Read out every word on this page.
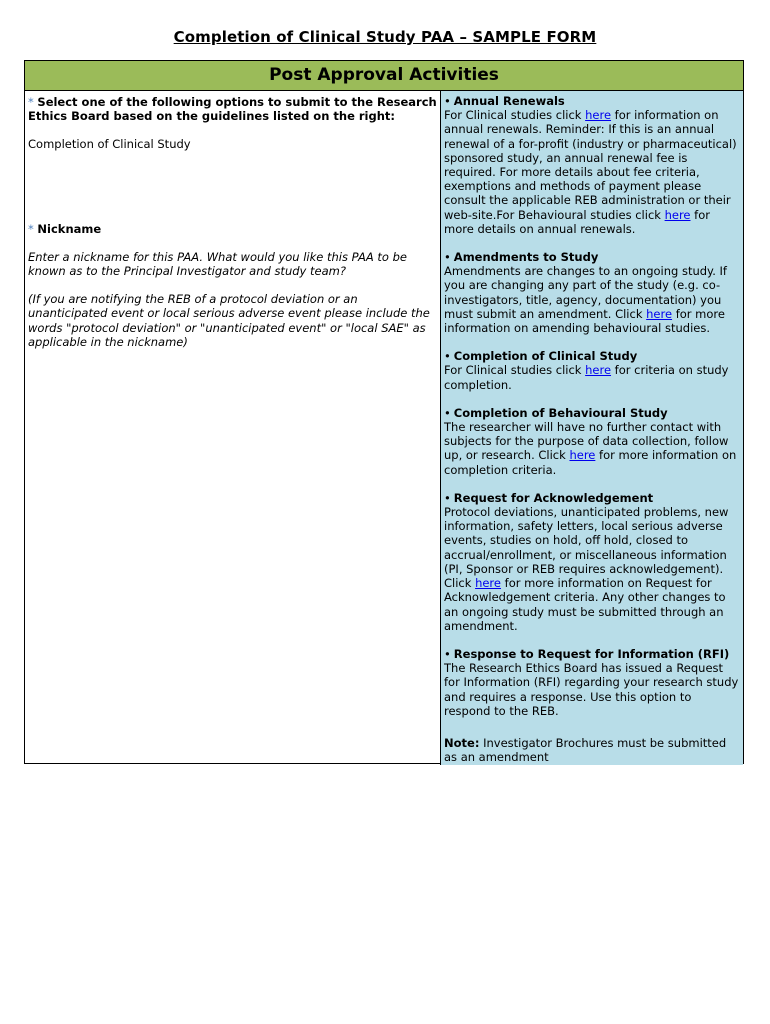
Completion of Clinical Study PAA – SAMPLE FORM
Post Approval Activities
* Select one of the following options to submit to the Research Ethics Board based on the guidelines listed on the right:
Completion of Clinical Study
* Nickname
Enter a nickname for this PAA. What would you like this PAA to be known as to the Principal Investigator and study team?
(If you are notifying the REB of a protocol deviation or an unanticipated event or local serious adverse event please include the words "protocol deviation" or "unanticipated event" or "local SAE" as applicable in the nickname)
• Annual Renewals
For Clinical studies click here for information on annual renewals. Reminder: If this is an annual renewal of a for-profit (industry or pharmaceutical) sponsored study, an annual renewal fee is required. For more details about fee criteria, exemptions and methods of payment please consult the applicable REB administration or their web-site.For Behavioural studies click here for more details on annual renewals.
• Amendments to Study
Amendments are changes to an ongoing study. If you are changing any part of the study (e.g. co-investigators, title, agency, documentation) you must submit an amendment. Click here for more information on amending behavioural studies.
• Completion of Clinical Study
For Clinical studies click here for criteria on study completion.
• Completion of Behavioural Study
The researcher will have no further contact with subjects for the purpose of data collection, follow up, or research. Click here for more information on completion criteria.
• Request for Acknowledgement
Protocol deviations, unanticipated problems, new information, safety letters, local serious adverse events, studies on hold, off hold, closed to accrual/enrollment, or miscellaneous information (PI, Sponsor or REB requires acknowledgement). Click here for more information on Request for Acknowledgement criteria. Any other changes to an ongoing study must be submitted through an amendment.
• Response to Request for Information (RFI)
The Research Ethics Board has issued a Request for Information (RFI) regarding your research study and requires a response. Use this option to respond to the REB.
Note: Investigator Brochures must be submitted as an amendment
